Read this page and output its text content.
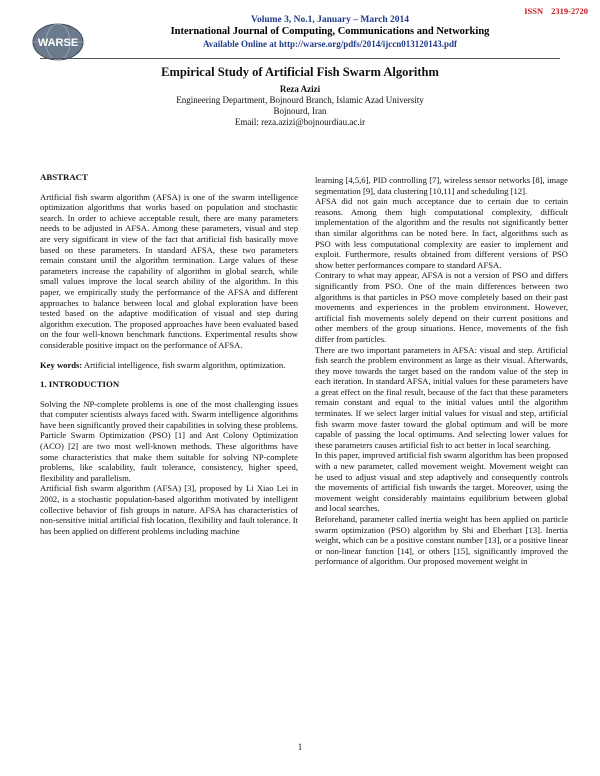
ISSN 2319-2720
WARSE
Volume 3, No.1, January – March 2014
International Journal of Computing, Communications and Networking
Available Online at http://warse.org/pdfs/2014/ijccn013120143.pdf
Empirical Study of Artificial Fish Swarm Algorithm
Reza Azizi
Engineering Department, Bojnourd Branch, Islamic Azad University
Bojnourd, Iran
Email: reza.azizi@bojnourdiau.ac.ir

ABSTRACT

Artificial fish swarm algorithm (AFSA) is one of the swarm intelligence optimization algorithms that works based on population and stochastic search. In order to achieve acceptable result, there are many parameters needs to be adjusted in AFSA. Among these parameters, visual and step are very significant in view of the fact that artificial fish basically move based on these parameters. In standard AFSA, these two parameters remain constant until the algorithm termination. Large values of these parameters increase the capability of algorithm in global search, while small values improve the local search ability of the algorithm. In this paper, we empirically study the performance of the AFSA and different approaches to balance between local and global exploration have been tested based on the adaptive modification of visual and step during algorithm execution. The proposed approaches have been evaluated based on the four well-known benchmark functions. Experimental results show considerable positive impact on the performance of AFSA.

Key words: Artificial intelligence, fish swarm algorithm, optimization.

1. INTRODUCTION

Solving the NP-complete problems is one of the most challenging issues that computer scientists always faced with. Swarm intelligence algorithms have been significantly proved their capabilities in solving these problems. Particle Swarm Optimization (PSO) [1] and Ant Colony Optimization (ACO) [2] are two most well-known methods. These algorithms have some characteristics that make them suitable for solving NP-complete problems, like scalability, fault tolerance, consistency, higher speed, flexibility and parallelism.

Artificial fish swarm algorithm (AFSA) [3], proposed by Li Xiao Lei in 2002, is a stochastic population-based algorithm motivated by intelligent collective behavior of fish groups in nature. AFSA has characteristics of non-sensitive initial artificial fish location, flexibility and fault tolerance. It has been applied on different problems including machine

learning [4,5,6], PID controlling [7], wireless sensor networks [8], image segmentation [9], data clustering [10,11] and scheduling [12].

AFSA did not gain much acceptance due to certain due to certain reasons. Among them high computational complexity, difficult implementation of the algorithm and the results not significantly better than similar algorithms can be noted here. In fact, algorithms such as PSO with less computational complexity are easier to implement and exploit. Furthermore, results obtained from different versions of PSO show better performances compare to standard AFSA.

Contrary to what may appear, AFSA is not a version of PSO and differs significantly from PSO. One of the main differences between two algorithms is that particles in PSO move completely based on their past movements and experiences in the problem environment. However, artificial fish movements solely depend on their current positions and other members of the group situations. Hence, movements of the fish differ from particles.

There are two important parameters in AFSA: visual and step. Artificial fish search the problem environment as large as their visual. Afterwards, they move towards the target based on the random value of the step in each iteration. In standard AFSA, initial values for these parameters have a great effect on the final result, because of the fact that these parameters remain constant and equal to the initial values until the algorithm terminates. If we select larger initial values for visual and step, artificial fish swarm move faster toward the global optimum and will be more capable of passing the local optimums. And selecting lower values for these parameters causes artificial fish to act better in local searching.

In this paper, improved artificial fish swarm algorithm has been proposed with a new parameter, called movement weight. Movement weight can be used to adjust visual and step adaptively and consequently controls the movements of artificial fish towards the target. Moreover, using the movement weight considerably maintains equilibrium between global and local searches.

Beforehand, parameter called inertia weight has been applied on particle swarm optimization (PSO) algorithm by Shi and Eberhart [13]. Inertia weight, which can be a positive constant number [13], or a positive linear or non-linear function [14], or others [15], significantly improved the performance of algorithm. Our proposed movement weight in

1
